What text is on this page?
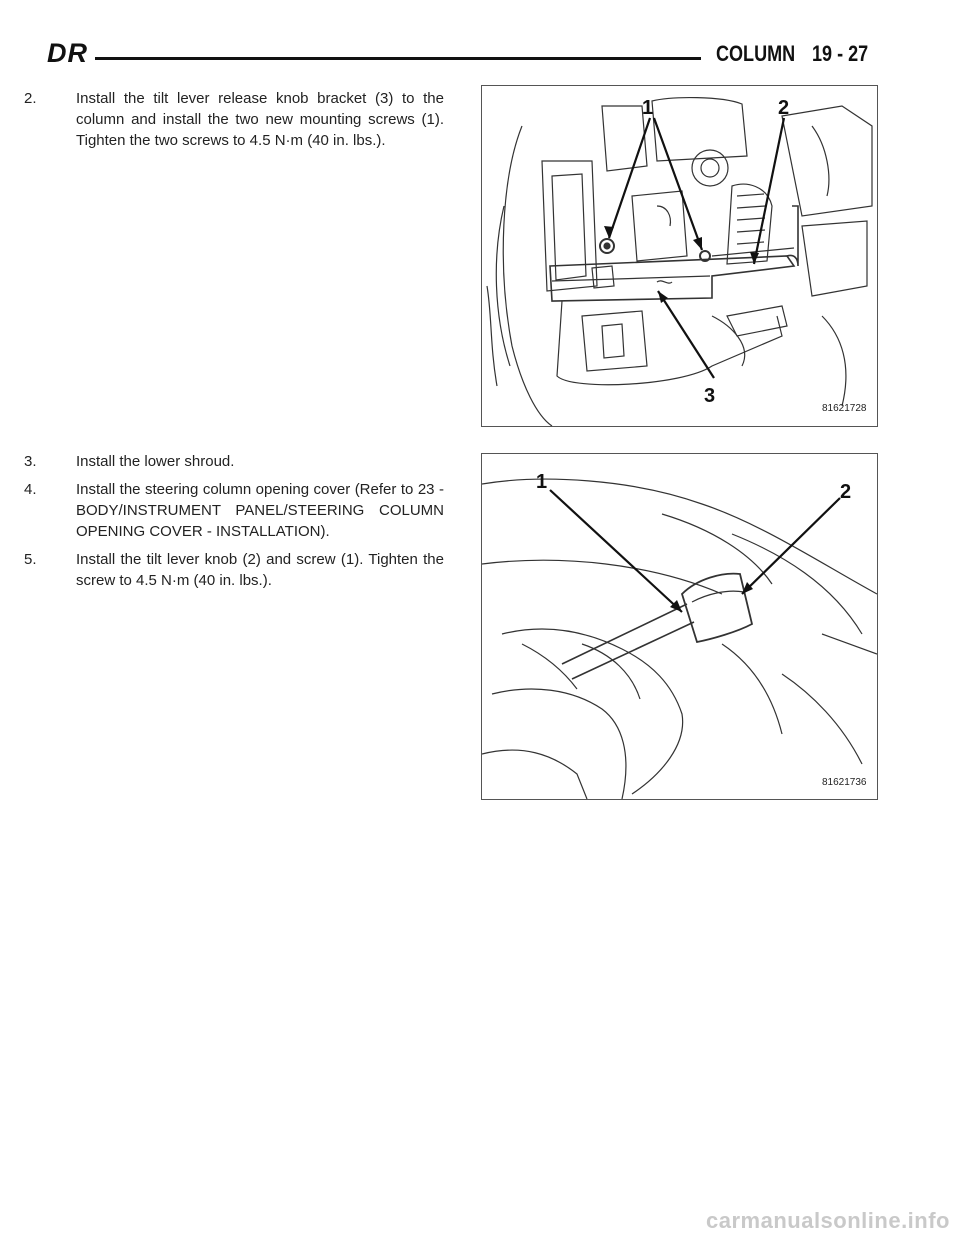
DR	COLUMN 19 - 27
2.	Install the tilt lever release knob bracket (3) to the column and install the two new mounting screws (1). Tighten the two screws to 4.5 N·m (40 in. lbs.).
3.	Install the lower shroud.
4.	Install the steering column opening cover (Refer to 23 - BODY/INSTRUMENT PANEL/STEERING COLUMN OPENING COVER - INSTALLATION).
5.	Install the tilt lever knob (2) and screw (1). Tighten the screw to 4.5 N·m (40 in. lbs.).
1	2
3
81621728
1	2
81621736
carmanualsonline.info
